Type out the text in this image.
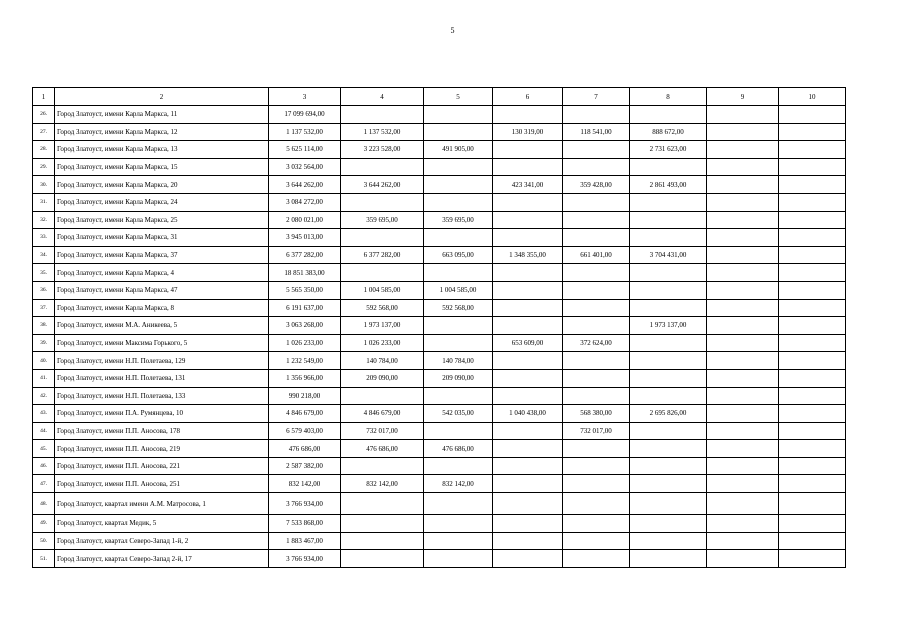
5
1	2	3	4	5	6	7	8	9	10
26.	Город Златоуст, имени Карла Маркса, 11	17 099 694,00							
27.	Город Златоуст, имени Карла Маркса, 12	1 137 532,00	1 137 532,00		130 319,00	118 541,00	888 672,00		
28.	Город Златоуст, имени Карла Маркса, 13	5 625 114,00	3 223 528,00	491 905,00			2 731 623,00		
29.	Город Златоуст, имени Карла Маркса, 15	3 032 564,00							
30.	Город Златоуст, имени Карла Маркса, 20	3 644 262,00	3 644 262,00		423 341,00	359 428,00	2 861 493,00		
31.	Город Златоуст, имени Карла Маркса, 24	3 084 272,00							
32.	Город Златоуст, имени Карла Маркса, 25	2 080 021,00	359 695,00	359 695,00					
33.	Город Златоуст, имени Карла Маркса, 31	3 945 013,00							
34.	Город Златоуст, имени Карла Маркса, 37	6 377 282,00	6 377 282,00	663 095,00	1 348 355,00	661 401,00	3 704 431,00		
35.	Город Златоуст, имени Карла Маркса, 4	18 851 383,00							
36.	Город Златоуст, имени Карла Маркса, 47	5 565 350,00	1 004 585,00	1 004 585,00					
37.	Город Златоуст, имени Карла Маркса, 8	6 191 637,00	592 568,00	592 568,00					
38.	Город Златоуст, имени М.А. Аникеева, 5	3 063 268,00	1 973 137,00				1 973 137,00		
39.	Город Златоуст, имени Максима Горького, 5	1 026 233,00	1 026 233,00		653 609,00	372 624,00			
40.	Город Златоуст, имени Н.П. Полетаева, 129	1 232 549,00	140 784,00	140 784,00					
41.	Город Златоуст, имени Н.П. Полетаева, 131	1 356 966,00	209 090,00	209 090,00					
42.	Город Златоуст, имени Н.П. Полетаева, 133	990 218,00							
43.	Город Златоуст, имени П.А. Румянцева, 10	4 846 679,00	4 846 679,00	542 035,00	1 040 438,00	568 380,00	2 695 826,00		
44.	Город Златоуст, имени П.П. Аносова, 178	6 579 403,00	732 017,00			732 017,00			
45.	Город Златоуст, имени П.П. Аносова, 219	476 686,00	476 686,00	476 686,00					
46.	Город Златоуст, имени П.П. Аносова, 221	2 587 382,00							
47.	Город Златоуст, имени П.П. Аносова, 251	832 142,00	832 142,00	832 142,00					
48.	Город Златоуст, квартал имени А.М. Матросова, 1	3 766 934,00							
49.	Город Златоуст, квартал Медик, 5	7 533 868,00							
50.	Город Златоуст, квартал Северо-Запад 1-й, 2	1 883 467,00							
51.	Город Златоуст, квартал Северо-Запад 2-й, 17	3 766 934,00							
